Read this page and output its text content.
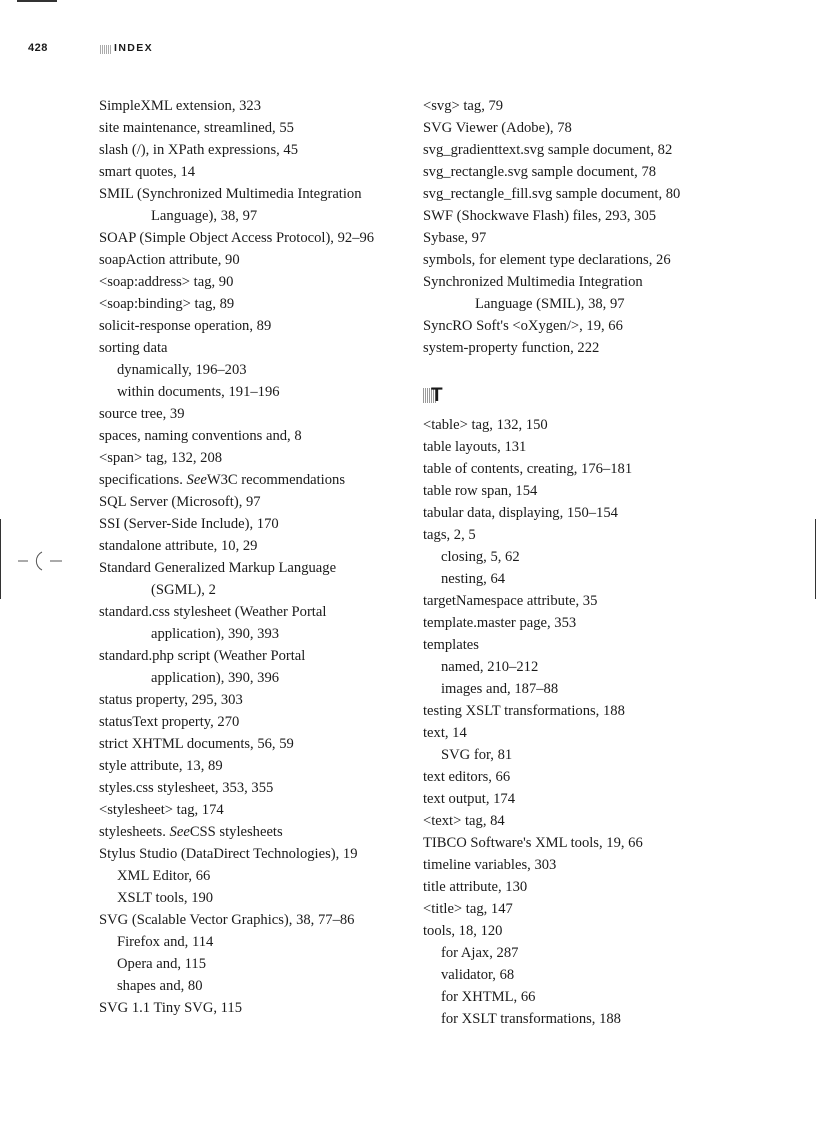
428	INDEX
SimpleXML extension, 323
site maintenance, streamlined, 55
slash (/), in XPath expressions, 45
smart quotes, 14
SMIL (Synchronized Multimedia Integration
Language), 38, 97
SOAP (Simple Object Access Protocol), 92–96
soapAction attribute, 90
<soap:address> tag, 90
<soap:binding> tag, 89
solicit-response operation, 89
sorting data
dynamically, 196–203
within documents, 191–196
source tree, 39
spaces, naming conventions and, 8
<span> tag, 132, 208
specifications. SeeW3C recommendations
SQL Server (Microsoft), 97
SSI (Server-Side Include), 170
standalone attribute, 10, 29
Standard Generalized Markup Language
(SGML), 2
standard.css stylesheet (Weather Portal
application), 390, 393
standard.php script (Weather Portal
application), 390, 396
status property, 295, 303
statusText property, 270
strict XHTML documents, 56, 59
style attribute, 13, 89
styles.css stylesheet, 353, 355
<stylesheet> tag, 174
stylesheets. SeeCSS stylesheets
Stylus Studio (DataDirect Technologies), 19
XML Editor, 66
XSLT tools, 190
SVG (Scalable Vector Graphics), 38, 77–86
Firefox and, 114
Opera and, 115
shapes and, 80
SVG 1.1 Tiny SVG, 115
<svg> tag, 79
SVG Viewer (Adobe), 78
svg_gradienttext.svg sample document, 82
svg_rectangle.svg sample document, 78
svg_rectangle_fill.svg sample document, 80
SWF (Shockwave Flash) files, 293, 305
Sybase, 97
symbols, for element type declarations, 26
Synchronized Multimedia Integration
Language (SMIL), 38, 97
SyncRO Soft's <oXygen/>, 19, 66
system-property function, 222
T
<table> tag, 132, 150
table layouts, 131
table of contents, creating, 176–181
table row span, 154
tabular data, displaying, 150–154
tags, 2, 5
closing, 5, 62
nesting, 64
targetNamespace attribute, 35
template.master page, 353
templates
named, 210–212
images and, 187–88
testing XSLT transformations, 188
text, 14
SVG for, 81
text editors, 66
text output, 174
<text> tag, 84
TIBCO Software's XML tools, 19, 66
timeline variables, 303
title attribute, 130
<title> tag, 147
tools, 18, 120
for Ajax, 287
validator, 68
for XHTML, 66
for XSLT transformations, 188
